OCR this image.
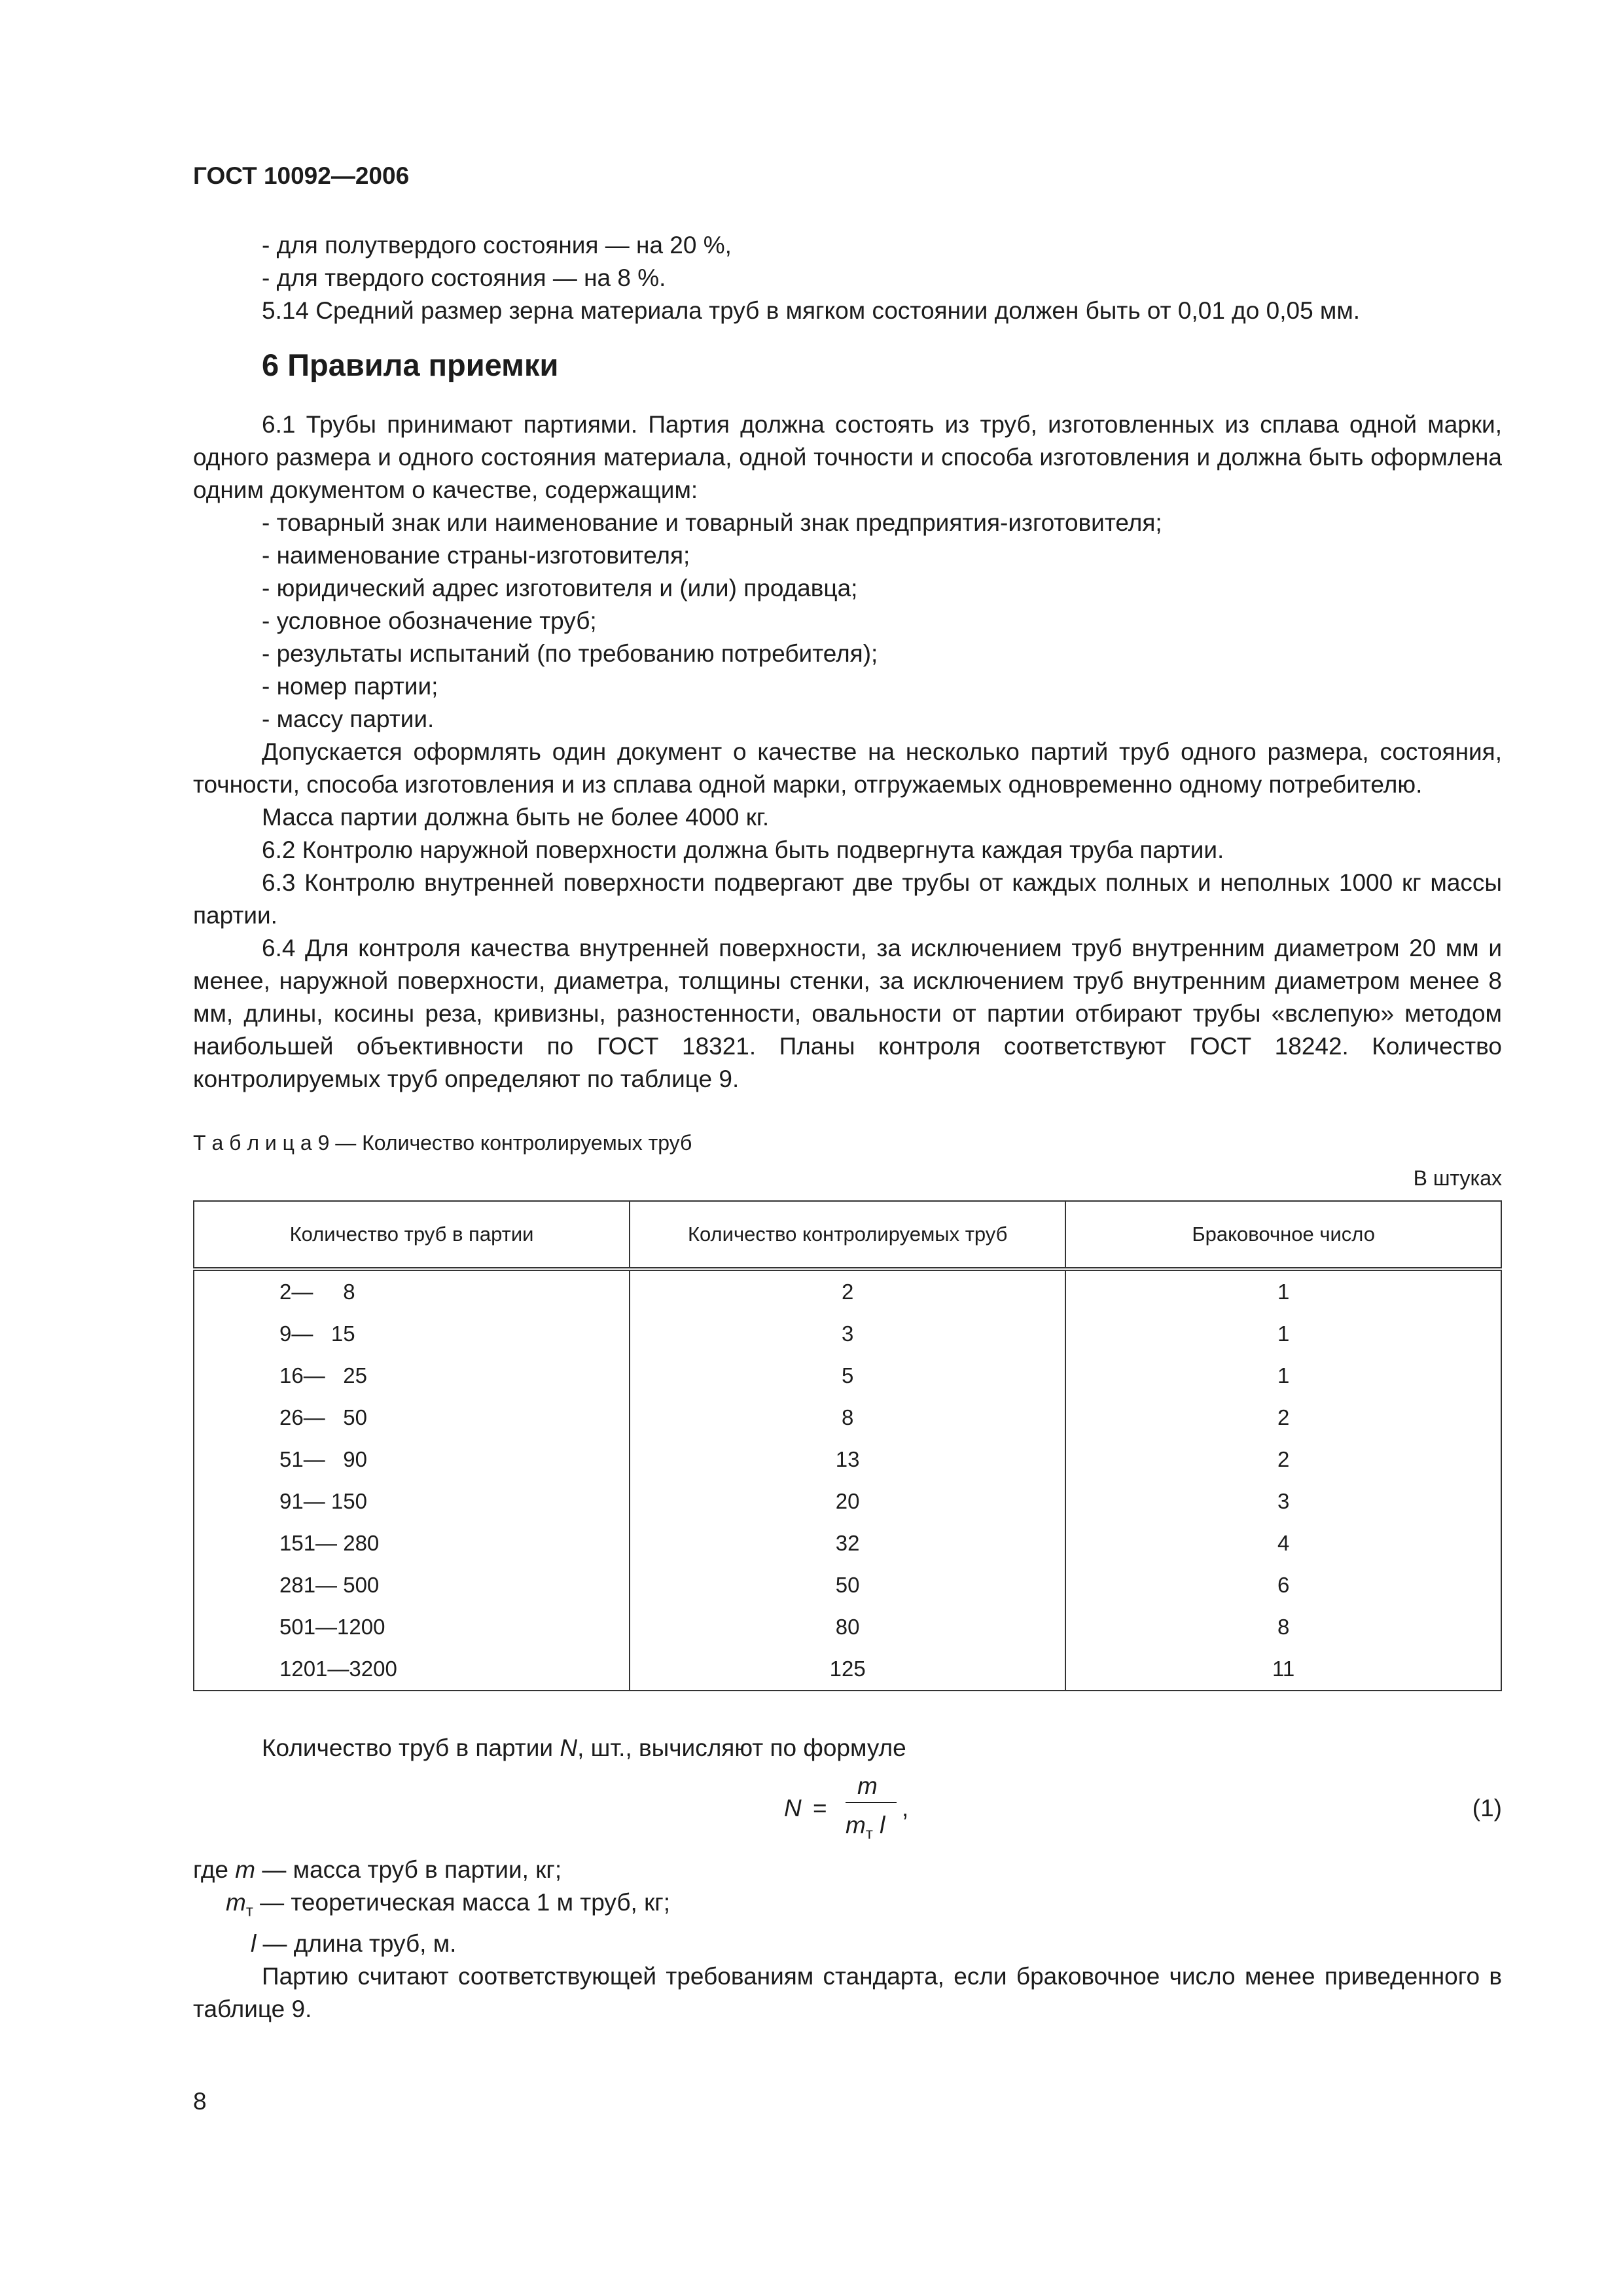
ГОСТ 10092—2006

- для полутвердого состояния — на 20 %,

- для твердого состояния — на 8 %.

5.14 Средний размер зерна материала труб в мягком состоянии должен быть от 0,01 до 0,05 мм.

6 Правила приемки

6.1 Трубы принимают партиями. Партия должна состоять из труб, изготовленных из сплава одной марки, одного размера и одного состояния материала, одной точности и способа изготовления и должна быть оформлена одним документом о качестве, содержащим:

- товарный знак или наименование и товарный знак предприятия-изготовителя;

- наименование страны-изготовителя;

- юридический адрес изготовителя и (или) продавца;

- условное обозначение труб;

- результаты испытаний (по требованию потребителя);

- номер партии;

- массу партии.

Допускается оформлять один документ о качестве на несколько партий труб одного размера, состояния, точности, способа изготовления и из сплава одной марки, отгружаемых одновременно одному потребителю.

Масса партии должна быть не более 4000 кг.

6.2 Контролю наружной поверхности должна быть подвергнута каждая труба партии.

6.3 Контролю внутренней поверхности подвергают две трубы от каждых полных и неполных 1000 кг массы партии.

6.4 Для контроля качества внутренней поверхности, за исключением труб внутренним диаметром 20 мм и менее, наружной поверхности, диаметра, толщины стенки, за исключением труб внутренним диаметром менее 8 мм, длины, косины реза, кривизны, разностенности, овальности от партии отбирают трубы «вслепую» методом наибольшей объективности по ГОСТ 18321. Планы контроля соответствуют ГОСТ 18242. Количество контролируемых труб определяют по таблице 9.

Т а б л и ц а 9 — Количество контролируемых труб
В штуках
Количество труб в партии	Количество контролируемых труб	Браковочное число
2—     8	2	1
9—   15	3	1
16—   25	5	1
26—   50	8	2
51—   90	13	2
91— 150	20	3
151— 280	32	4
281— 500	50	6
501—1200	80	8
1201—3200	125	11

Количество труб в партии N, шт., вычисляют по формуле

N =
m
$m_т$ l
,	(1)

где m — масса труб в партии, кг;

$m_т$ — теоретическая масса 1 м труб, кг;

l — длина труб, м.

Партию считают соответствующей требованиям стандарта, если браковочное число менее приведенного в таблице 9.

8
